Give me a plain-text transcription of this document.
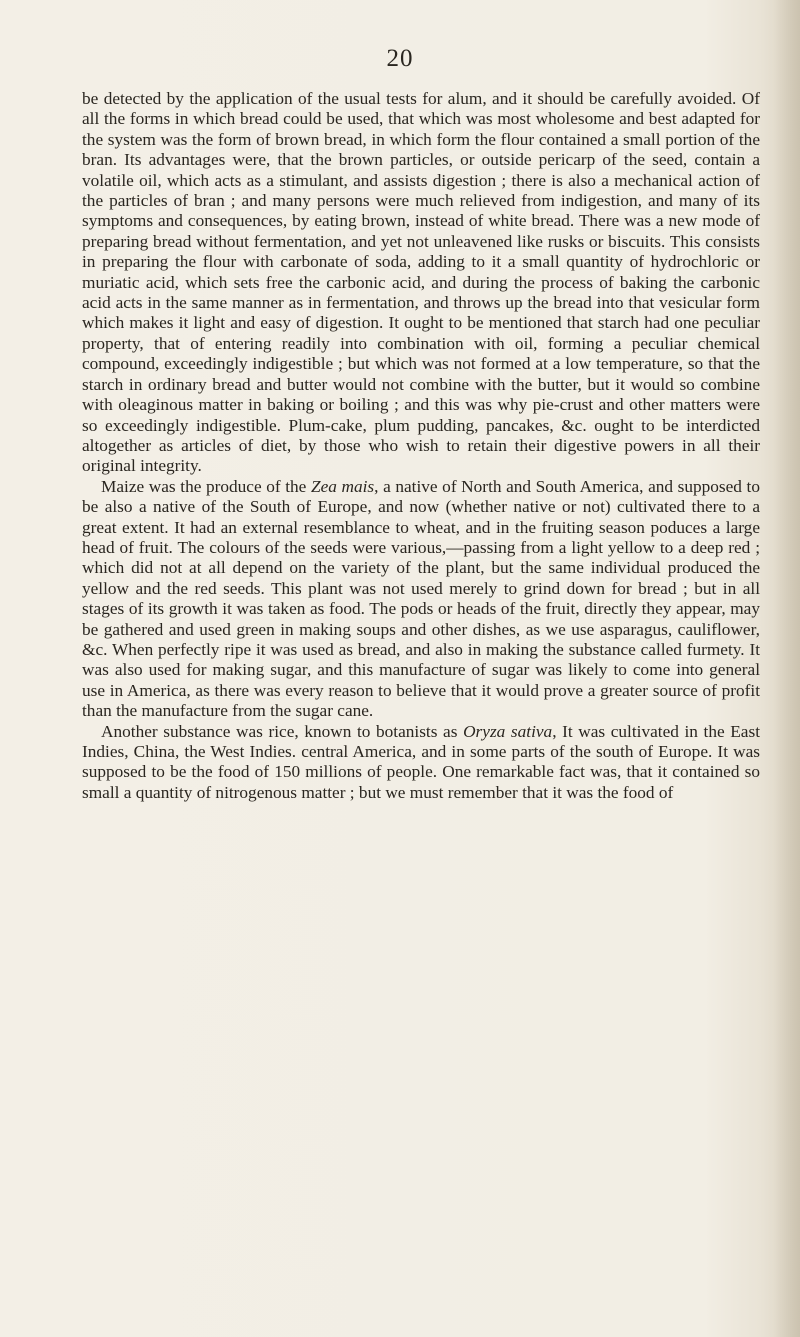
20

be detected by the application of the usual tests for alum, and it should be carefully avoided. Of all the forms in which bread could be used, that which was most wholesome and best adapted for the system was the form of brown bread, in which form the flour contained a small portion of the bran. Its advantages were, that the brown particles, or outside pericarp of the seed, contain a volatile oil, which acts as a stimulant, and assists digestion ; there is also a mechanical action of the particles of bran ; and many persons were much relieved from indigestion, and many of its symptoms and consequences, by eating brown, instead of white bread. There was a new mode of preparing bread without fermentation, and yet not unleavened like rusks or biscuits. This consists in preparing the flour with carbonate of soda, adding to it a small quantity of hydrochloric or muriatic acid, which sets free the carbonic acid, and during the process of baking the carbonic acid acts in the same manner as in fermentation, and throws up the bread into that vesicular form which makes it light and easy of digestion. It ought to be mentioned that starch had one peculiar property, that of entering readily into combination with oil, forming a peculiar chemical compound, exceedingly indigestible ; but which was not formed at a low temperature, so that the starch in ordinary bread and butter would not combine with the butter, but it would so combine with oleaginous matter in baking or boiling ; and this was why pie-crust and other matters were so exceedingly indigestible. Plum-cake, plum pudding, pancakes, &c. ought to be interdicted altogether as articles of diet, by those who wish to retain their digestive powers in all their original integrity.

Maize was the produce of the Zea mais, a native of North and South America, and supposed to be also a native of the South of Europe, and now (whether native or not) cultivated there to a great extent. It had an external resemblance to wheat, and in the fruiting season poduces a large head of fruit. The colours of the seeds were various,—passing from a light yellow to a deep red ; which did not at all depend on the variety of the plant, but the same individual produced the yellow and the red seeds. This plant was not used merely to grind down for bread ; but in all stages of its growth it was taken as food. The pods or heads of the fruit, directly they appear, may be gathered and used green in making soups and other dishes, as we use asparagus, cauliflower, &c. When perfectly ripe it was used as bread, and also in making the substance called furmety. It was also used for making sugar, and this manufacture of sugar was likely to come into general use in America, as there was every reason to believe that it would prove a greater source of profit than the manufacture from the sugar cane.

Another substance was rice, known to botanists as Oryza sativa, It was cultivated in the East Indies, China, the West Indies. central America, and in some parts of the south of Europe. It was supposed to be the food of 150 millions of people. One remarkable fact was, that it contained so small a quantity of nitrogenous matter ; but we must remember that it was the food of
